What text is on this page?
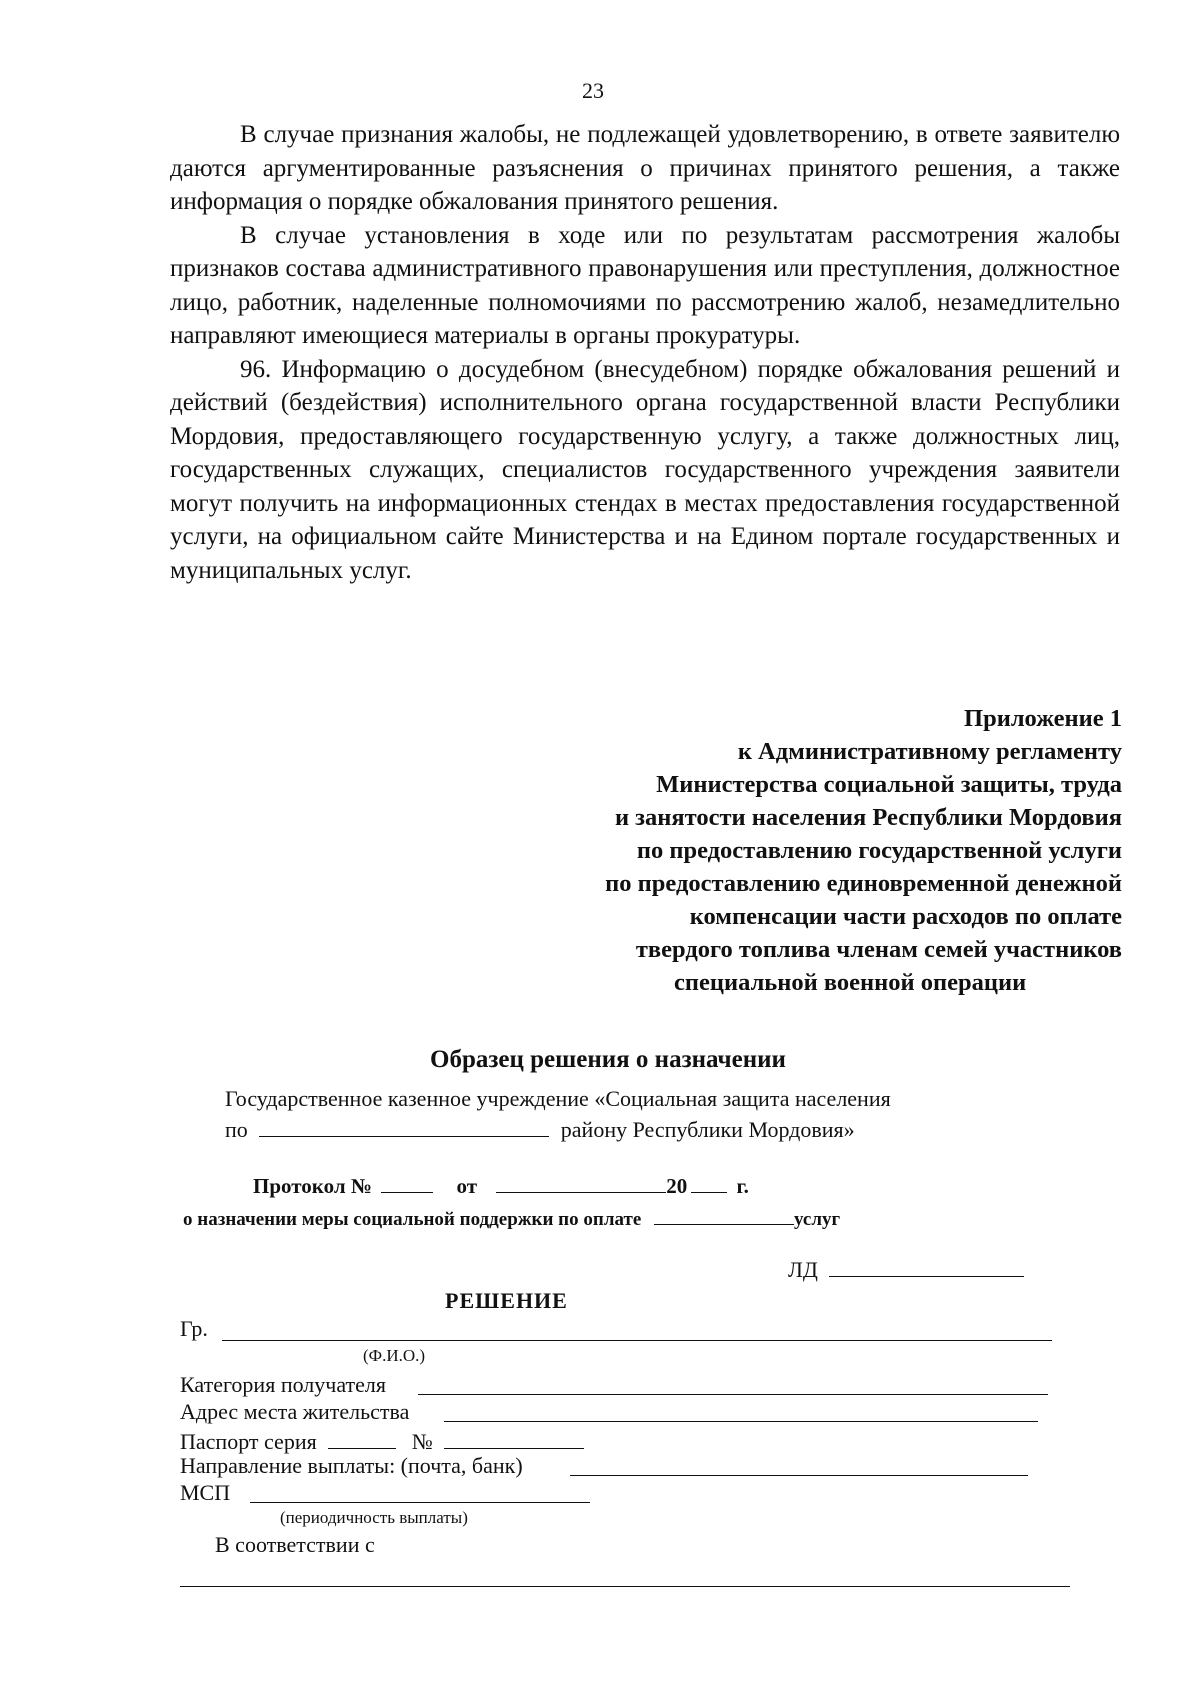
23

В случае признания жалобы, не подлежащей удовлетворению, в ответе заявителю даются аргументированные разъяснения о причинах принятого решения, а также информация о порядке обжалования принятого решения.

В случае установления в ходе или по результатам рассмотрения жалобы признаков состава административного правонарушения или преступления, должностное лицо, работник, наделенные полномочиями по рассмотрению жалоб, незамедлительно направляют имеющиеся материалы в органы прокуратуры.

96. Информацию о досудебном (внесудебном) порядке обжалования решений и действий (бездействия) исполнительного органа государственной власти Республики Мордовия, предоставляющего государственную услугу, а также должностных лиц, государственных служащих, специалистов государственного учреждения заявители могут получить на информационных стендах в местах предоставления государственной услуги, на официальном сайте Министерства и на Едином портале государственных и муниципальных услуг.

Приложение 1
к Административному регламенту
Министерства социальной защиты, труда
и занятости населения Республики Мордовия
по предоставлению государственной услуги
по предоставлению единовременной денежной
компенсации части расходов по оплате
твердого топлива членам семей участников
специальной военной операции
Образец решения о назначении
Государственное казенное учреждение «Социальная защита населения
по	району Республики Мордовия»
Протокол №	от	20 г.
о назначении меры социальной поддержки по оплате	услуг
ЛД
РЕШЕНИЕ
Гр.
(Ф.И.О.)
Категория получателя
Адрес места жительства
Паспорт серия	№
Направление выплаты: (почта, банк)
МСП
(периодичность выплаты)
В соответствии с
